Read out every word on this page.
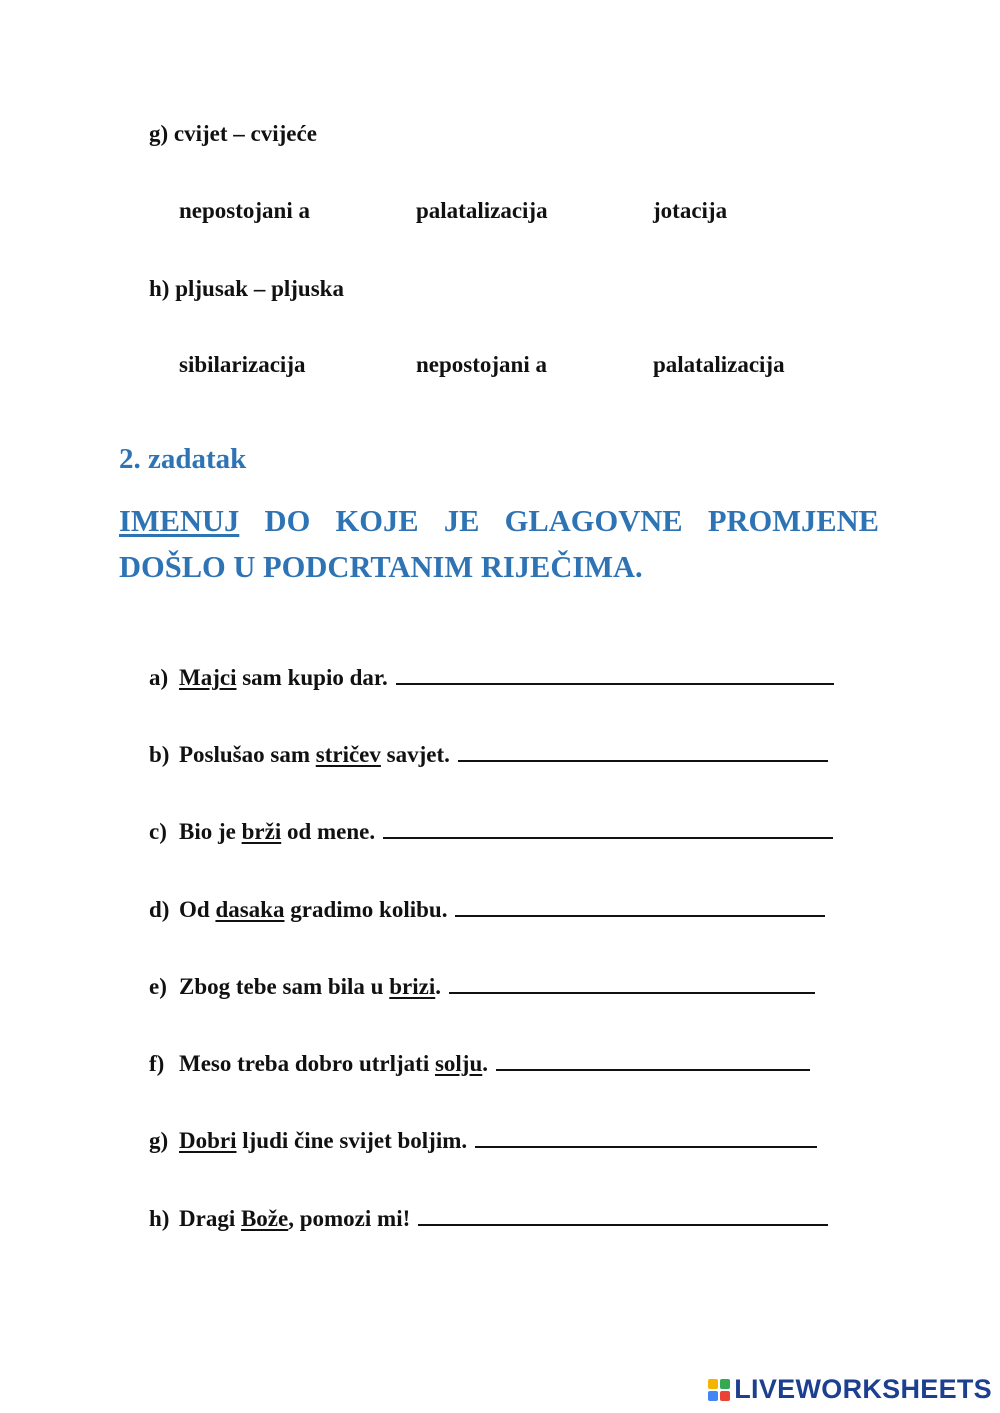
g) cvijet – cvijeće
nepostojani a	palatalizacija	jotacija
h) pljusak – pljuska
sibilarizacija	nepostojani a	palatalizacija
2. zadatak
IMENUJ DO KOJE JE GLAGOVNE PROMJENE DOŠLO U PODCRTANIM RIJEČIMA.
a) Majci sam kupio dar.
b) Poslušao sam stričev savjet.
c) Bio je brži od mene.
d) Od dasaka gradimo kolibu.
e) Zbog tebe sam bila u brizi.
f) Meso treba dobro utrljati solju.
g) Dobri ljudi čine svijet boljim.
h) Dragi Bože, pomozi mi!
LIVEWORKSHEETS
